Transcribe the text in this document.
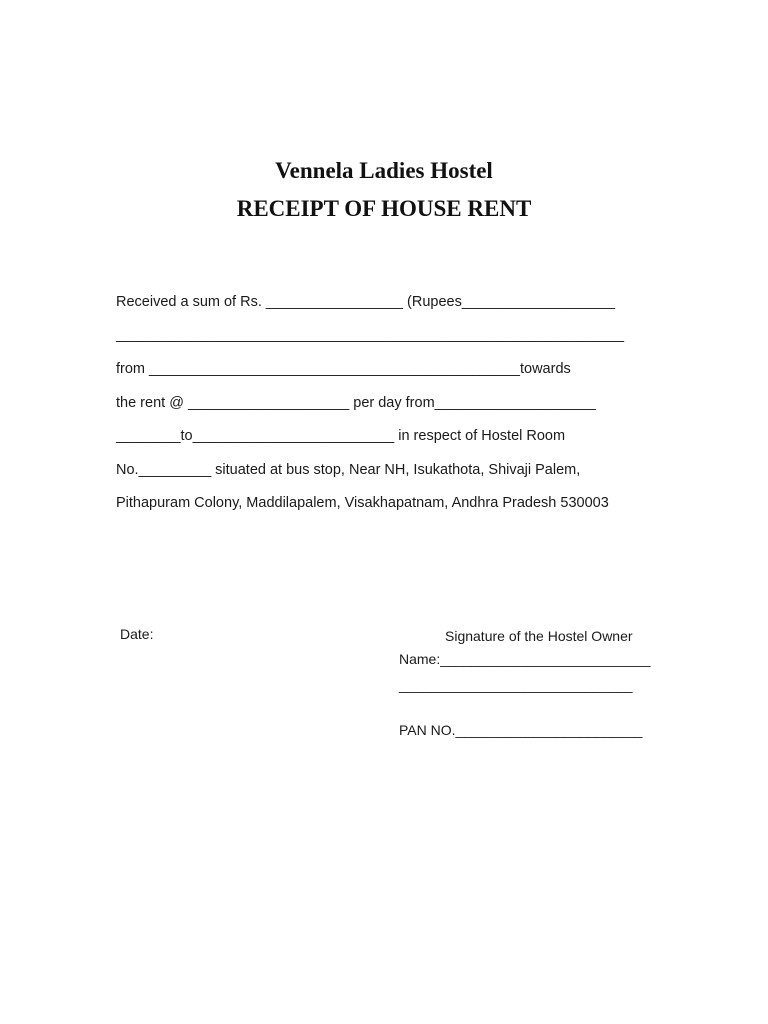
Vennela Ladies Hostel
RECEIPT OF HOUSE RENT
Received a sum of Rs. _________________ (Rupees___________________
_______________________________________________________________
from ______________________________________________towards
the rent @ ____________________ per day from____________________
________to_________________________ in respect of Hostel Room
No._________ situated at bus stop, Near NH, Isukathota, Shivaji Palem,
Pithapuram Colony, Maddilapalem, Visakhapatnam, Andhra Pradesh 530003
Date:	Signature of the Hostel Owner
Name:___________________________
______________________________
PAN NO.________________________
